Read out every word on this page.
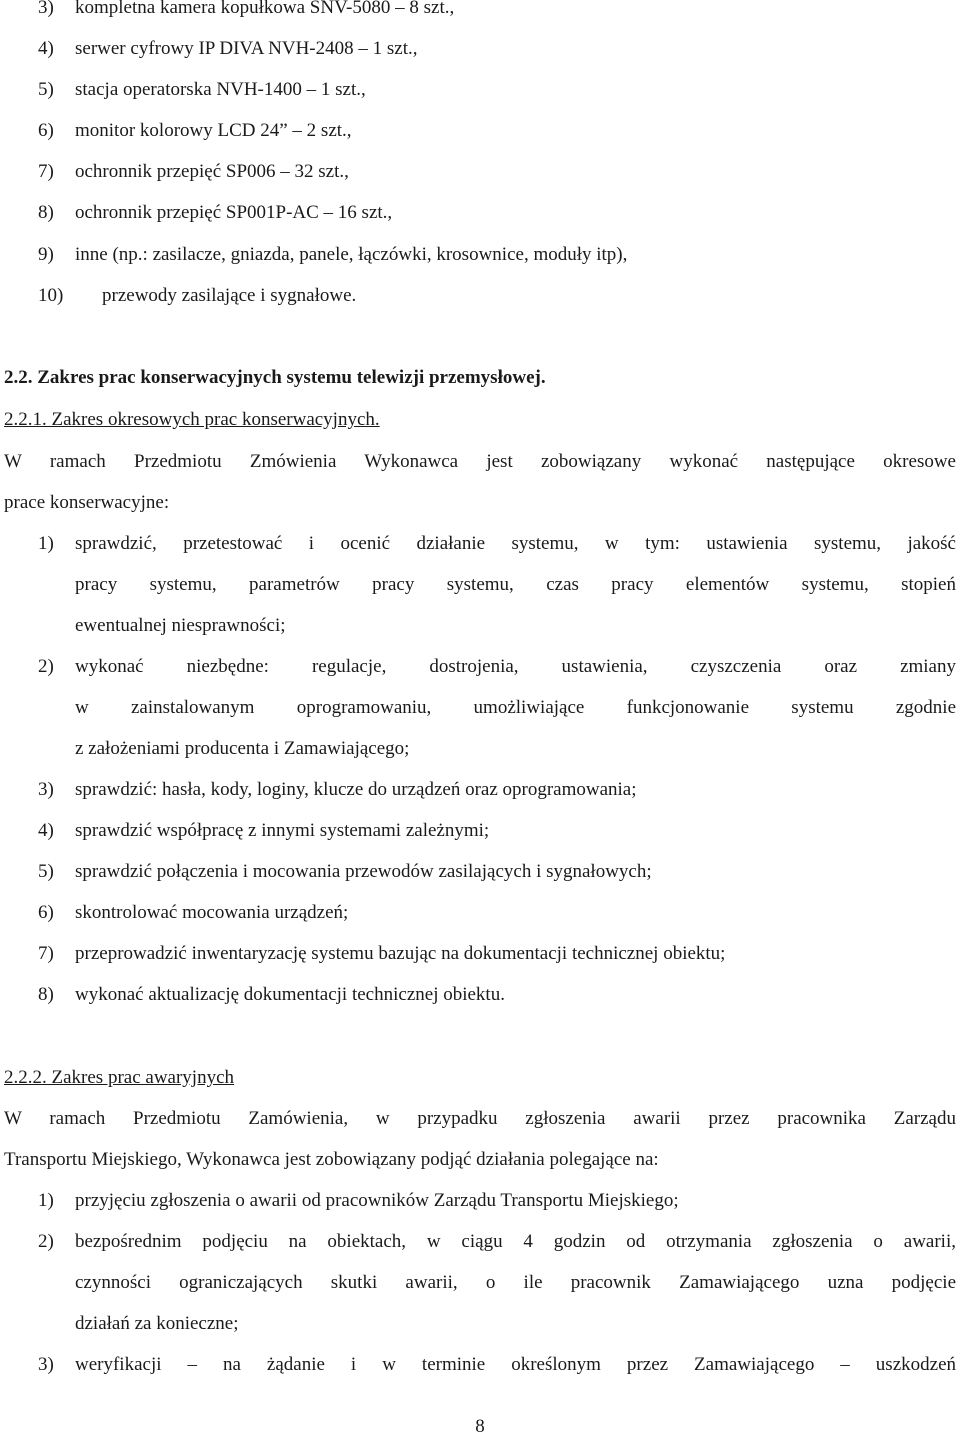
3) kompletna kamera kopułkowa SNV-5080 – 8 szt.,
4) serwer cyfrowy IP DIVA NVH-2408 – 1 szt.,
5) stacja operatorska NVH-1400 – 1 szt.,
6) monitor kolorowy LCD 24” – 2 szt.,
7) ochronnik przepięć SP006 – 32 szt.,
8) ochronnik przepięć SP001P-AC – 16 szt.,
9) inne (np.: zasilacze, gniazda, panele, łączówki, krosownice, moduły itp),
10) przewody zasilające i sygnałowe.
2.2. Zakres prac konserwacyjnych systemu telewizji przemysłowej.
2.2.1. Zakres okresowych prac konserwacyjnych.
W ramach Przedmiotu Zmówienia Wykonawca jest zobowiązany wykonać następujące okresowe
prace konserwacyjne:
1) sprawdzić, przetestować i ocenić działanie systemu, w tym: ustawienia systemu, jakość
pracy systemu, parametrów pracy systemu, czas pracy elementów systemu, stopień
ewentualnej niesprawności;
2) wykonać niezbędne: regulacje, dostrojenia, ustawienia, czyszczenia oraz zmiany
w zainstalowanym oprogramowaniu, umożliwiające funkcjonowanie systemu zgodnie
z założeniami producenta i Zamawiającego;
3) sprawdzić: hasła, kody, loginy, klucze do urządzeń oraz oprogramowania;
4) sprawdzić współpracę z innymi systemami zależnymi;
5) sprawdzić połączenia i mocowania przewodów zasilających i sygnałowych;
6) skontrolować mocowania urządzeń;
7) przeprowadzić inwentaryzację systemu bazując na dokumentacji technicznej obiektu;
8) wykonać aktualizację dokumentacji technicznej obiektu.
2.2.2. Zakres prac awaryjnych
W ramach Przedmiotu Zamówienia, w przypadku zgłoszenia awarii przez pracownika Zarządu
Transportu Miejskiego, Wykonawca jest zobowiązany podjąć działania polegające na:
1) przyjęciu zgłoszenia o awarii od pracowników Zarządu Transportu Miejskiego;
2) bezpośrednim podjęciu na obiektach, w ciągu 4 godzin od otrzymania zgłoszenia o awarii,
czynności ograniczających skutki awarii, o ile pracownik Zamawiającego uzna podjęcie
działań za konieczne;
3) weryfikacji – na żądanie i w terminie określonym przez Zamawiającego – uszkodzeń
8
